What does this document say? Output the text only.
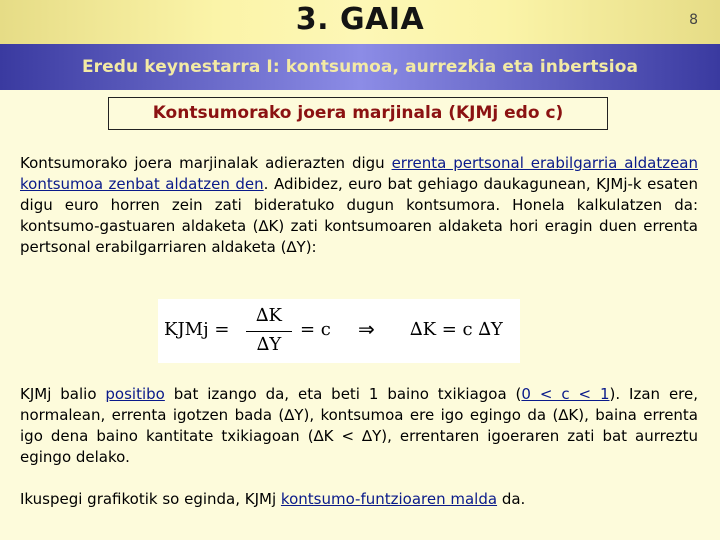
3. GAIA	8
Eredu keynestarra I: kontsumoa, aurrezkia eta inbertsioa
Kontsumorako joera marjinala (KJMj edo c)

Kontsumorako joera marjinalak adierazten digu errenta pertsonal erabilgarria aldatzean kontsumoa zenbat aldatzen den. Adibidez, euro bat gehiago daukagunean, KJMj-k esaten digu euro horren zein zati bideratuko dugun kontsumora. Honela kalkulatzen da: kontsumo-gastuaren aldaketa (∆K) zati kontsumoaren aldaketa hori eragin duen errenta pertsonal erabilgarriaren aldaketa (∆Y):

KJMj =
∆K
∆Y
= c ⇒ ∆K = c ∆Y

KJMj balio positibo bat izango da, eta beti 1 baino txikiagoa (0 < c < 1). Izan ere, normalean, errenta igotzen bada (∆Y), kontsumoa ere igo egingo da (∆K), baina errenta igo dena baino kantitate txikiagoan (∆K < ∆Y), errentaren igoeraren zati bat aurreztu egingo delako.

Ikuspegi grafikotik so eginda, KJMj kontsumo-funtzioaren malda da.
